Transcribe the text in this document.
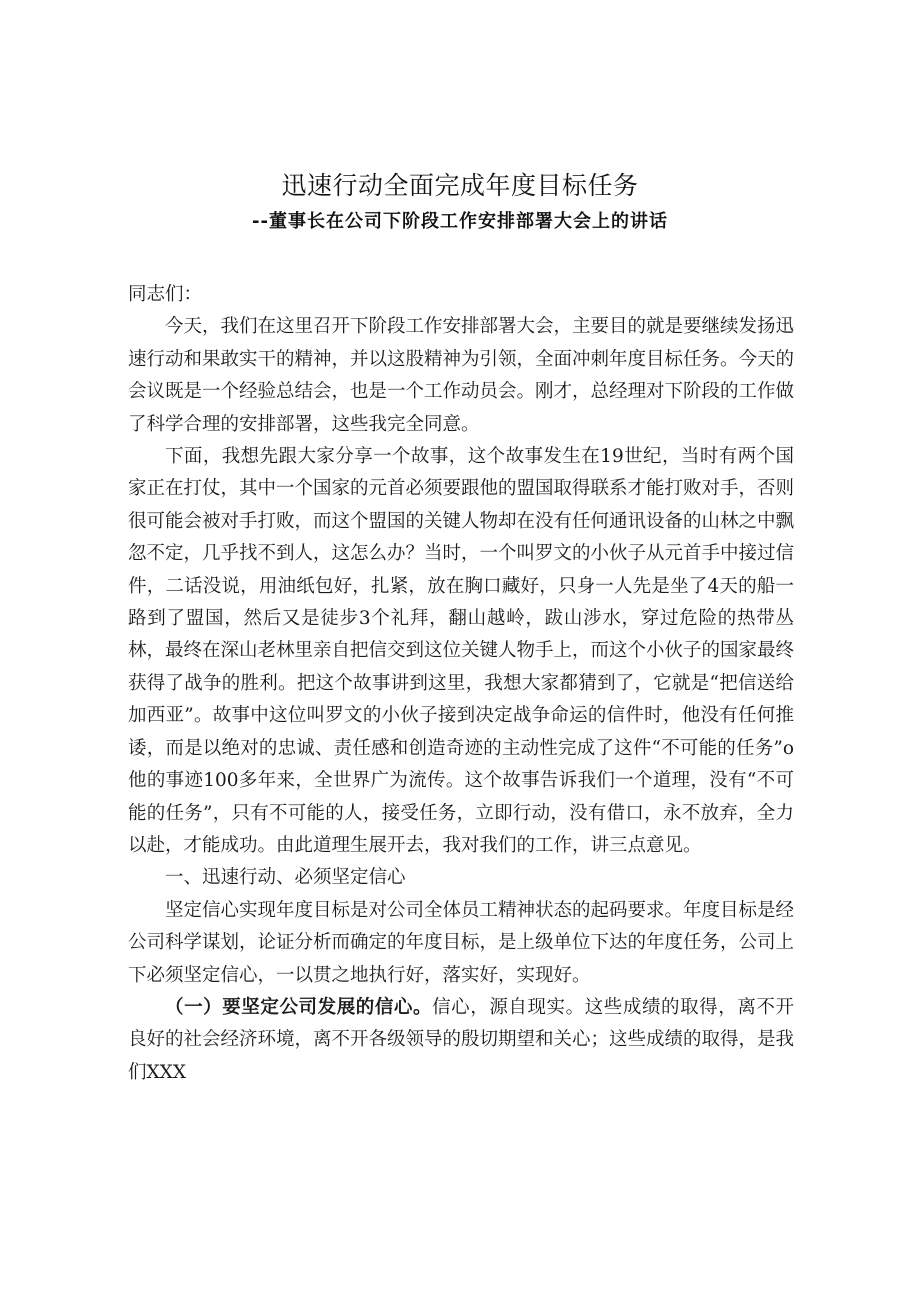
迅速行动全面完成年度目标任务
--董事长在公司下阶段工作安排部署大会上的讲话

同志们：

今天，我们在这里召开下阶段工作安排部署大会，主要目的就是要继续发扬迅速行动和果敢实干的精神，并以这股精神为引领，全面冲刺年度目标任务。今天的会议既是一个经验总结会，也是一个工作动员会。刚才，总经理对下阶段的工作做了科学合理的安排部署，这些我完全同意。

下面，我想先跟大家分享一个故事，这个故事发生在19世纪，当时有两个国家正在打仗，其中一个国家的元首必须要跟他的盟国取得联系才能打败对手，否则很可能会被对手打败，而这个盟国的关键人物却在没有任何通讯设备的山林之中飘忽不定，几乎找不到人，这怎么办？当时，一个叫罗文的小伙子从元首手中接过信件，二话没说，用油纸包好，扎紧，放在胸口藏好，只身一人先是坐了4天的船一路到了盟国，然后又是徒步3个礼拜，翻山越岭，跋山涉水，穿过危险的热带丛林，最终在深山老林里亲自把信交到这位关键人物手上，而这个小伙子的国家最终获得了战争的胜利。把这个故事讲到这里，我想大家都猜到了，它就是“把信送给加西亚”。故事中这位叫罗文的小伙子接到决定战争命运的信件时，他没有任何推诿，而是以绝对的忠诚、责任感和创造奇迹的主动性完成了这件“不可能的任务”o他的事迹100多年来，全世界广为流传。这个故事告诉我们一个道理，没有“不可能的任务”，只有不可能的人，接受任务，立即行动，没有借口，永不放弃，全力以赴，才能成功。由此道理生展开去，我对我们的工作，讲三点意见。

一、迅速行动、必须坚定信心

坚定信心实现年度目标是对公司全体员工精神状态的起码要求。年度目标是经公司科学谋划，论证分析而确定的年度目标，是上级单位下达的年度任务，公司上下必须坚定信心，一以贯之地执行好，落实好，实现好。

（一）要坚定公司发展的信心。信心，源自现实。这些成绩的取得，离不开良好的社会经济环境，离不开各级领导的殷切期望和关心；这些成绩的取得，是我们XXX
